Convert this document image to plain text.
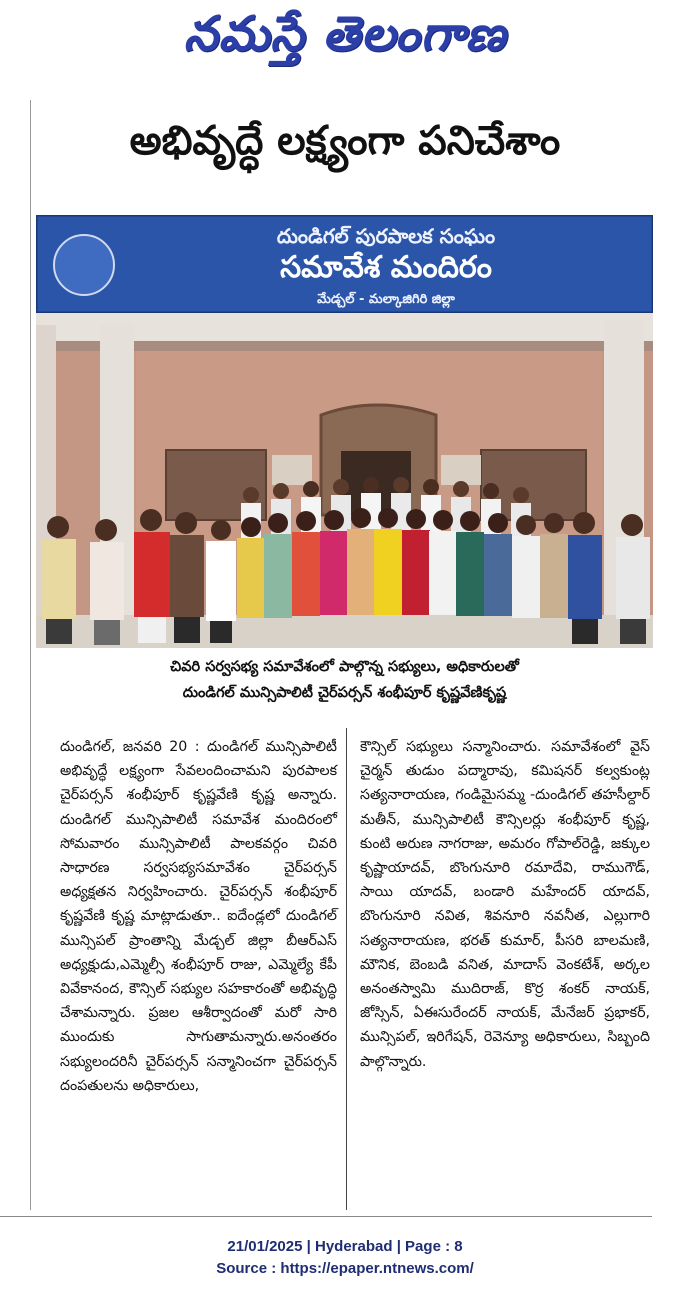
నమస్తే తెలంగాణ
అభివృద్ధే లక్ష్యంగా పనిచేశాం
దుండిగల్ పురపాలక సంఘం
సమావేశ మందిరం
మేడ్చల్ - మల్కాజిగిరి జిల్లా
చివరి సర్వసభ్య సమావేశంలో పాల్గొన్న సభ్యులు, అధికారులతో
దుండిగల్ మున్సిపాలిటీ చైర్‌పర్సన్ శంభీపూర్ కృష్ణవేణికృష్ణ

దుండిగల్, జనవరి 20 : దుండిగల్ మున్సిపాలిటీ అభివృద్ధే లక్ష్యంగా సేవలందించామని పురపాలక చైర్‌పర్సన్ శంభీపూర్ కృష్ణవేణి కృష్ణ అన్నారు. దుండిగల్ మున్సిపాలిటీ సమావేశ మందిరంలో సోమవారం మున్సిపాలిటీ పాలకవర్గం చివరి సాధారణ సర్వసభ్యసమావేశం చైర్‌పర్సన్ అధ్యక్షతన నిర్వహించారు. చైర్‌పర్సన్ శంభీపూర్ కృష్ణవేణి కృష్ణ మాట్లాడుతూ.. ఐదేండ్లలో దుండిగల్ మున్సిపల్ ప్రాంతాన్ని మేడ్చల్ జిల్లా బీఆర్ఎస్ అధ్యక్షుడు,ఎమ్మెల్సీ శంభీపూర్ రాజు, ఎమ్మెల్యే కేపీ వివేకానంద, కౌన్సిల్ సభ్యుల సహకారంతో అభివృద్ధి చేశామన్నారు. ప్రజల ఆశీర్వాదంతో మరో సారి ముందుకు సాగుతామన్నారు.అనంతరం సభ్యులందరినీ చైర్‌పర్సన్ సన్మానించగా చైర్‌పర్సన్ దంపతులను అధికారులు,

కౌన్సిల్ సభ్యులు సన్మానించారు. సమావేశంలో వైస్ చైర్మన్ తుడుం పద్మారావు, కమిషనర్ కల్వకుంట్ల సత్యనారాయణ, గండిమైసమ్మ -దుండిగల్ తహసీల్దార్ మతీన్, మున్సిపాలిటీ కౌన్సిలర్లు శంభీపూర్ కృష్ణ, కుంటి అరుణ నాగరాజు, అమరం గోపాల్‌రెడ్డి, జక్కుల కృష్ణాయాదవ్, బొంగునూరి రమాదేవి, రాముగౌడ్, సాయి యాదవ్, బండారి మహేందర్ యాదవ్, బొంగునూరి నవిత, శివనూరి నవనీత, ఎల్లుగారి సత్యనారాయణ, భరత్ కుమార్, పీసరి బాలమణి, మౌనిక, బెంబడి వనిత, మాదాస్ వెంకటేశ్, అర్కల అనంతస్వామి ముదిరాజ్, కొర్ర శంకర్ నాయక్, జోస్సిన్, ఏఈసురేందర్ నాయక్, మేనేజర్ ప్రభాకర్, మున్సిపల్, ఇరిగేషన్, రెవెన్యూ అధికారులు, సిబ్బంది పాల్గొన్నారు.

21/01/2025 | Hyderabad | Page : 8
Source : https://epaper.ntnews.com/
